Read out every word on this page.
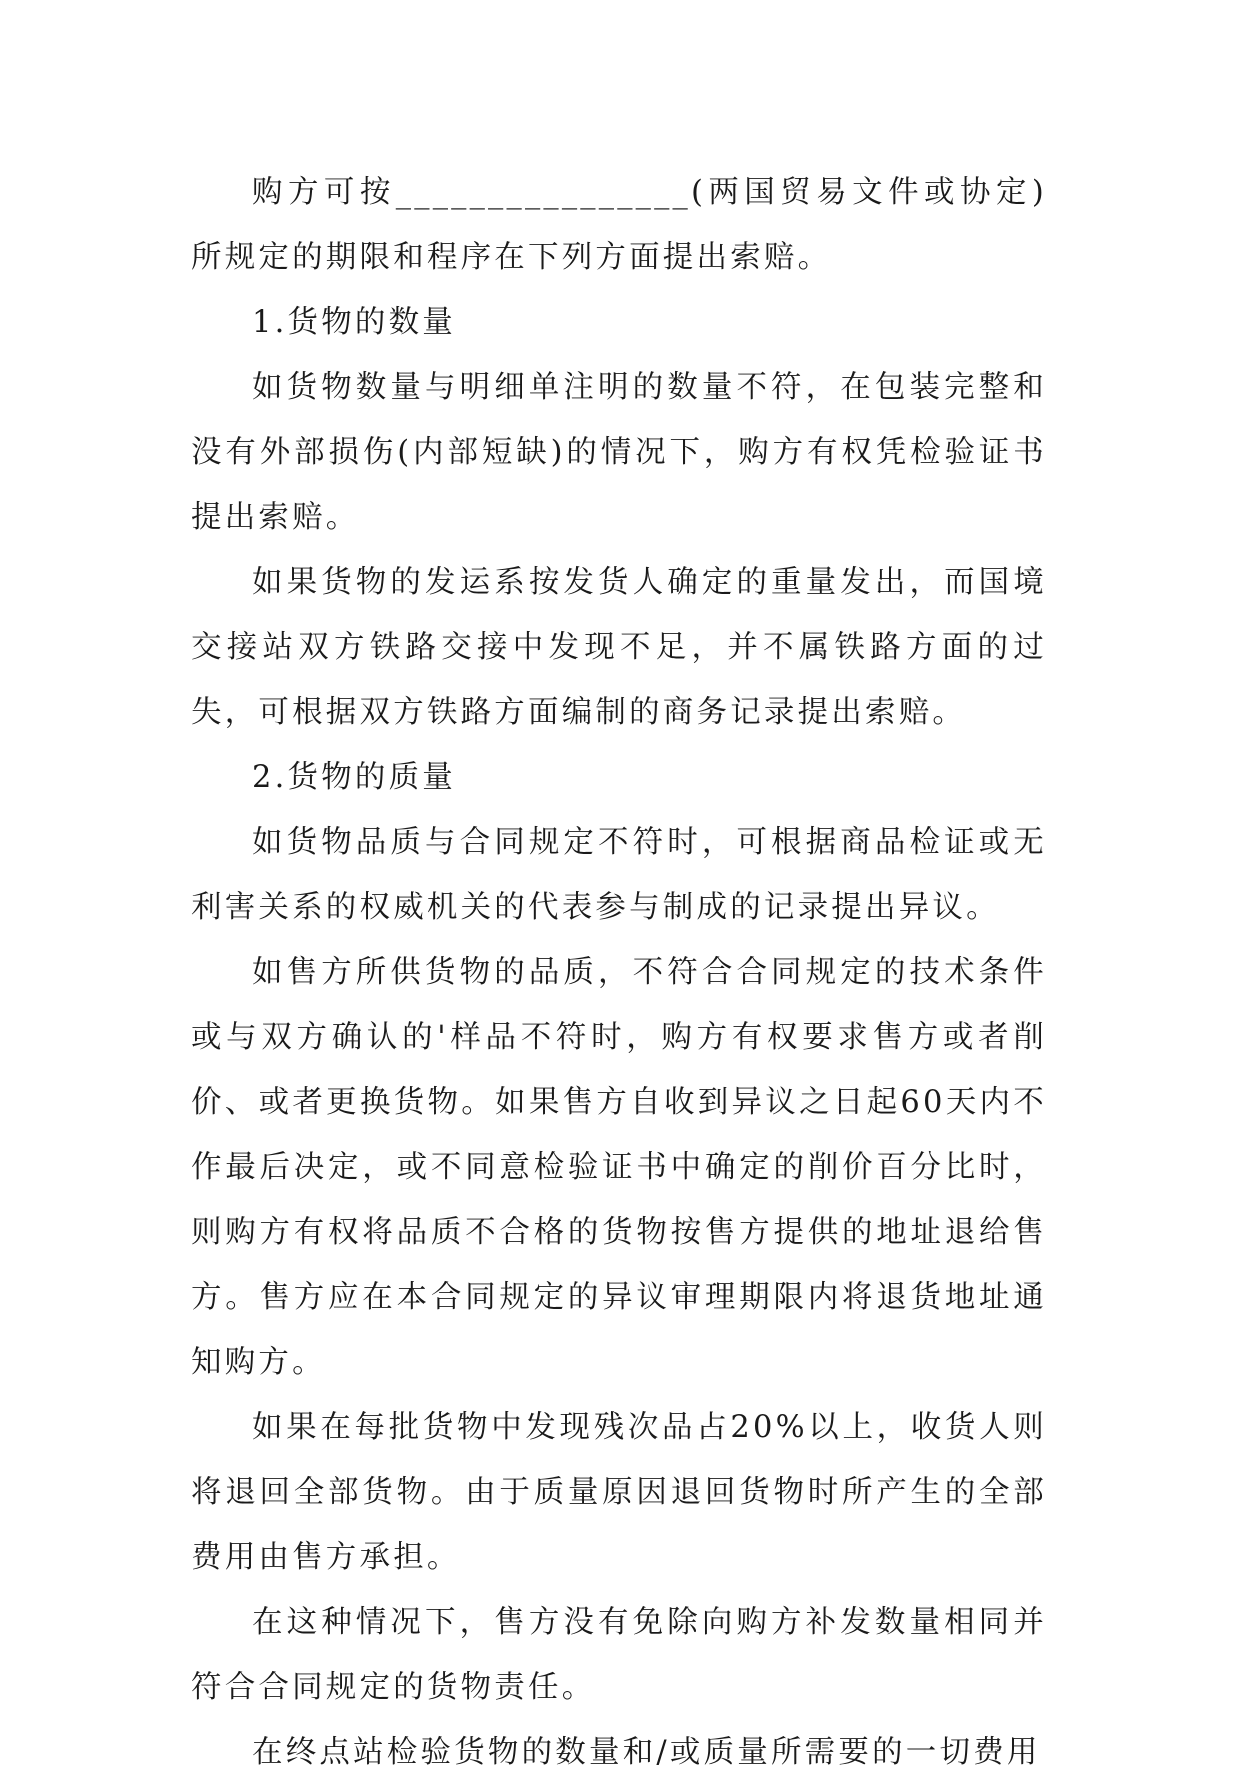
购方可按________________(两国贸易文件或协定)所规定的期限和程序在下列方面提出索赔。

1.货物的数量

如货物数量与明细单注明的数量不符，在包装完整和没有外部损伤(内部短缺)的情况下，购方有权凭检验证书提出索赔。

如果货物的发运系按发货人确定的重量发出，而国境交接站双方铁路交接中发现不足，并不属铁路方面的过失，可根据双方铁路方面编制的商务记录提出索赔。

2.货物的质量

如货物品质与合同规定不符时，可根据商品检证或无利害关系的权威机关的代表参与制成的记录提出异议。

如售方所供货物的品质，不符合合同规定的技术条件或与双方确认的'样品不符时，购方有权要求售方或者削价、或者更换货物。如果售方自收到异议之日起60天内不作最后决定，或不同意检验证书中确定的削价百分比时，则购方有权将品质不合格的货物按售方提供的地址退给售方。售方应在本合同规定的异议审理期限内将退货地址通知购方。

如果在每批货物中发现残次品占20%以上，收货人则将退回全部货物。由于质量原因退回货物时所产生的全部费用由售方承担。

在这种情况下，售方没有免除向购方补发数量相同并符合合同规定的货物责任。

在终点站检验货物的数量和/或质量所需要的一切费用
